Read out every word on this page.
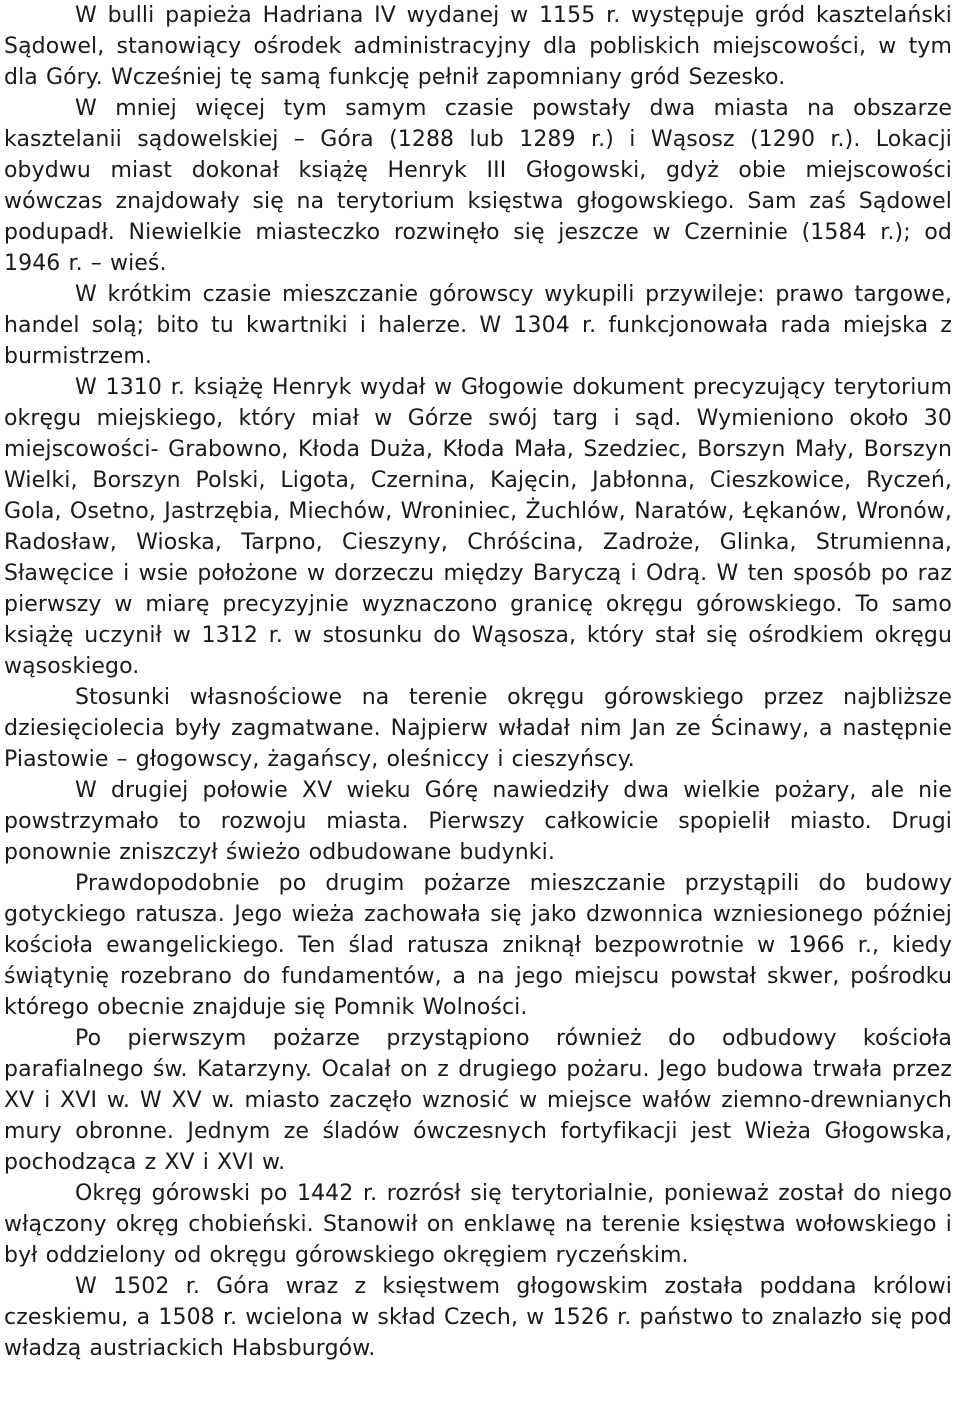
W bulli papieża Hadriana IV wydanej w 1155 r. występuje gród kasztelański Sądowel, stanowiący ośrodek administracyjny dla pobliskich miejscowości, w tym dla Góry. Wcześniej tę samą funkcję pełnił zapomniany gród Sezesko.

W mniej więcej tym samym czasie powstały dwa miasta na obszarze kasztelanii sądowelskiej – Góra (1288 lub 1289 r.) i Wąsosz (1290 r.). Lokacji obydwu miast dokonał książę Henryk III Głogowski, gdyż obie miejscowości wówczas znajdowały się na terytorium księstwa głogowskiego. Sam zaś Sądowel podupadł. Niewielkie miasteczko rozwinęło się jeszcze w Czerninie (1584 r.); od 1946 r. – wieś.

W krótkim czasie mieszczanie górowscy wykupili przywileje: prawo targowe, handel solą; bito tu kwartniki i halerze. W 1304 r. funkcjonowała rada miejska z burmistrzem.

W 1310 r. książę Henryk wydał w Głogowie dokument precyzujący terytorium okręgu miejskiego, który miał w Górze swój targ i sąd. Wymieniono około 30 miejscowości- Grabowno, Kłoda Duża, Kłoda Mała, Szedziec, Borszyn Mały, Borszyn Wielki, Borszyn Polski, Ligota, Czernina, Kajęcin, Jabłonna, Cieszkowice, Ryczeń, Gola, Osetno, Jastrzębia, Miechów, Wroniniec, Żuchlów, Naratów, Łękanów, Wronów, Radosław, Wioska, Tarpno, Cieszyny, Chróścina, Zadroże, Glinka, Strumienna, Sławęcice i wsie położone w dorzeczu między Baryczą i Odrą. W ten sposób po raz pierwszy w miarę precyzyjnie wyznaczono granicę okręgu górowskiego. To samo książę uczynił w 1312 r. w stosunku do Wąsosza, który stał się ośrodkiem okręgu wąsoskiego.

Stosunki własnościowe na terenie okręgu górowskiego przez najbliższe dziesięciolecia były zagmatwane. Najpierw władał nim Jan ze Ścinawy, a następnie Piastowie – głogowscy, żagańscy, oleśniccy i cieszyńscy.

W drugiej połowie XV wieku Górę nawiedziły dwa wielkie pożary, ale nie powstrzymało to rozwoju miasta. Pierwszy całkowicie spopielił miasto. Drugi ponownie zniszczył świeżo odbudowane budynki.

Prawdopodobnie po drugim pożarze mieszczanie przystąpili do budowy gotyckiego ratusza. Jego wieża zachowała się jako dzwonnica wzniesionego później kościoła ewangelickiego. Ten ślad ratusza zniknął bezpowrotnie w 1966 r., kiedy świątynię rozebrano do fundamentów, a na jego miejscu powstał skwer, pośrodku którego obecnie znajduje się Pomnik Wolności.

Po pierwszym pożarze przystąpiono również do odbudowy kościoła parafialnego św. Katarzyny. Ocalał on z drugiego pożaru. Jego budowa trwała przez XV i XVI w. W XV w. miasto zaczęło wznosić w miejsce wałów ziemno-drewnianych mury obronne. Jednym ze śladów ówczesnych fortyfikacji jest Wieża Głogowska, pochodząca z XV i XVI w.

Okręg górowski po 1442 r. rozrósł się terytorialnie, ponieważ został do niego włączony okręg chobieński. Stanowił on enklawę na terenie księstwa wołowskiego i był oddzielony od okręgu górowskiego okręgiem ryczeńskim.

W 1502 r. Góra wraz z księstwem głogowskim została poddana królowi czeskiemu, a 1508 r. wcielona w skład Czech, w 1526 r. państwo to znalazło się pod władzą austriackich Habsburgów.
